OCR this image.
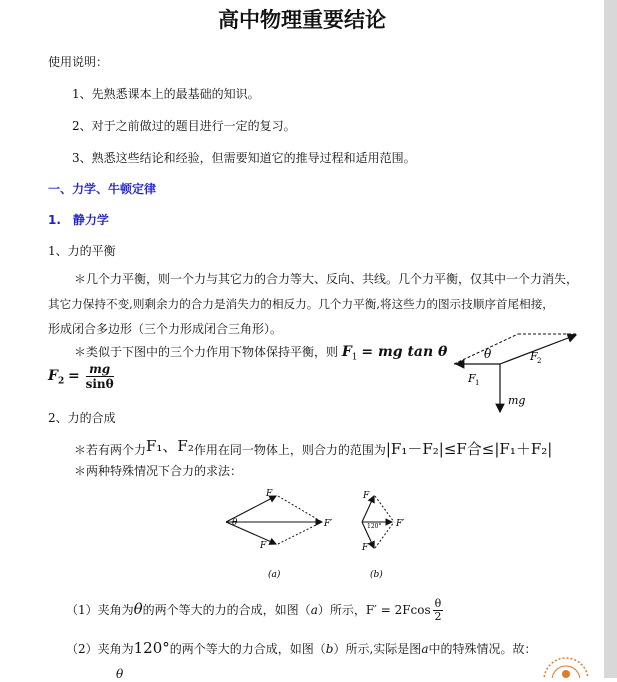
高中物理重要结论
使用说明：
1、先熟悉课本上的最基础的知识。
2、对于之前做过的题目进行一定的复习。
3、熟悉这些结论和经验，但需要知道它的推导过程和适用范围。
一、力学、牛顿定律
1.　静力学
1、力的平衡
＊几个力平衡，则一个力与其它力的合力等大、反向、共线。几个力平衡，仅其中一个力消失，
其它力保持不变,则剩余力的合力是消失力的相反力。几个力平衡,将这些力的图示技顺序首尾相接，
形成闭合多边形（三个力形成闭合三角形）。
＊类似于下图中的三个力作用下物体保持平衡，则 $F_1$ = mg tan θ
$F_2 = \frac{mg}{\sin\theta}$
θ	F 2
F 1
mg
2、力的合成
＊若有两个力F₁、F₂作用在同一物体上，则合力的范围为|F₁－F₂|≤F合≤|F₁＋F₂|
＊两种特殊情况下合力的求法：
F
F
F′
θ
(a)
F
F
F′
120°
(b)
（1）夹角为θ的两个等大的力的合成，如图（a）所示，$F' = 2Fcos \frac{\theta}{2}$
（2）夹角为120°的两个等大的力合成，如图（b）所示,实际是图a中的特殊情况。故：
θ
